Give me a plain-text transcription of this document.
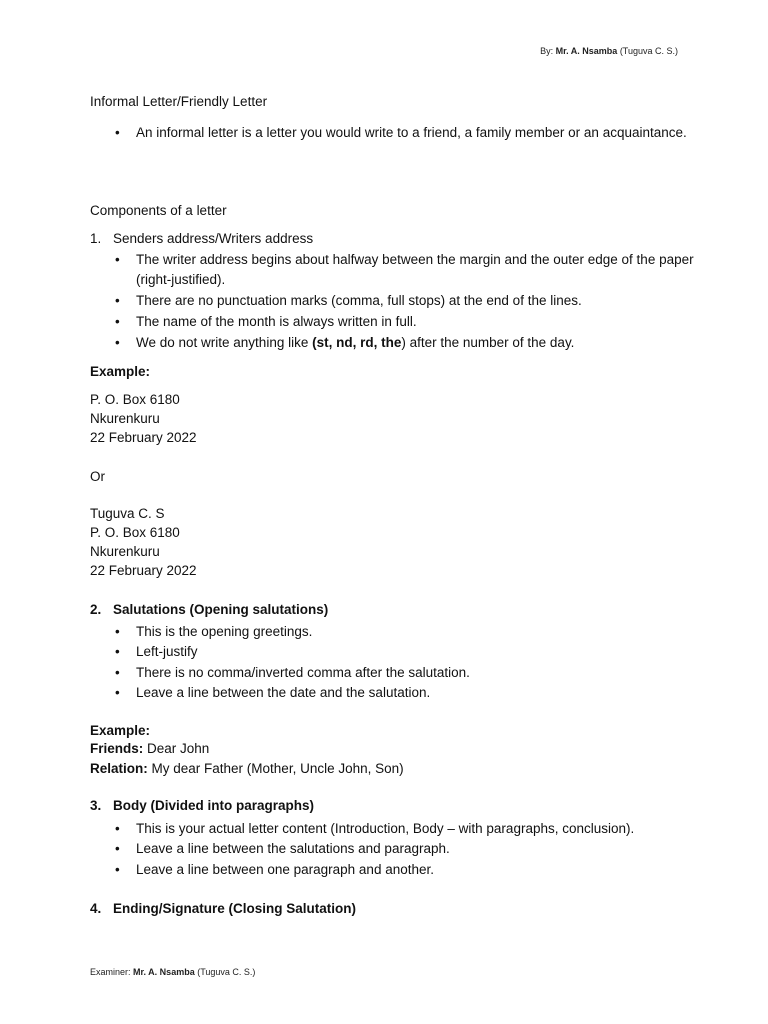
By: Mr. A. Nsamba (Tuguva C. S.)
Informal Letter/Friendly Letter
• An informal letter is a letter you would write to a friend, a family member or an acquaintance.
Components of a letter
1. Senders address/Writers address
• The writer address begins about halfway between the margin and the outer edge of the paper (right-justified).
• There are no punctuation marks (comma, full stops) at the end of the lines.
• The name of the month is always written in full.
• We do not write anything like (st, nd, rd, the) after the number of the day.
Example:
P. O. Box 6180
Nkurenkuru
22 February 2022
Or
Tuguva C. S
P. O. Box 6180
Nkurenkuru
22 February 2022
2. Salutations (Opening salutations)
• This is the opening greetings.
• Left-justify
• There is no comma/inverted comma after the salutation.
• Leave a line between the date and the salutation.
Example:
Friends: Dear John
Relation: My dear Father (Mother, Uncle John, Son)
3. Body (Divided into paragraphs)
• This is your actual letter content (Introduction, Body – with paragraphs, conclusion).
• Leave a line between the salutations and paragraph.
• Leave a line between one paragraph and another.
4. Ending/Signature (Closing Salutation)
Examiner: Mr. A. Nsamba (Tuguva C. S.)
